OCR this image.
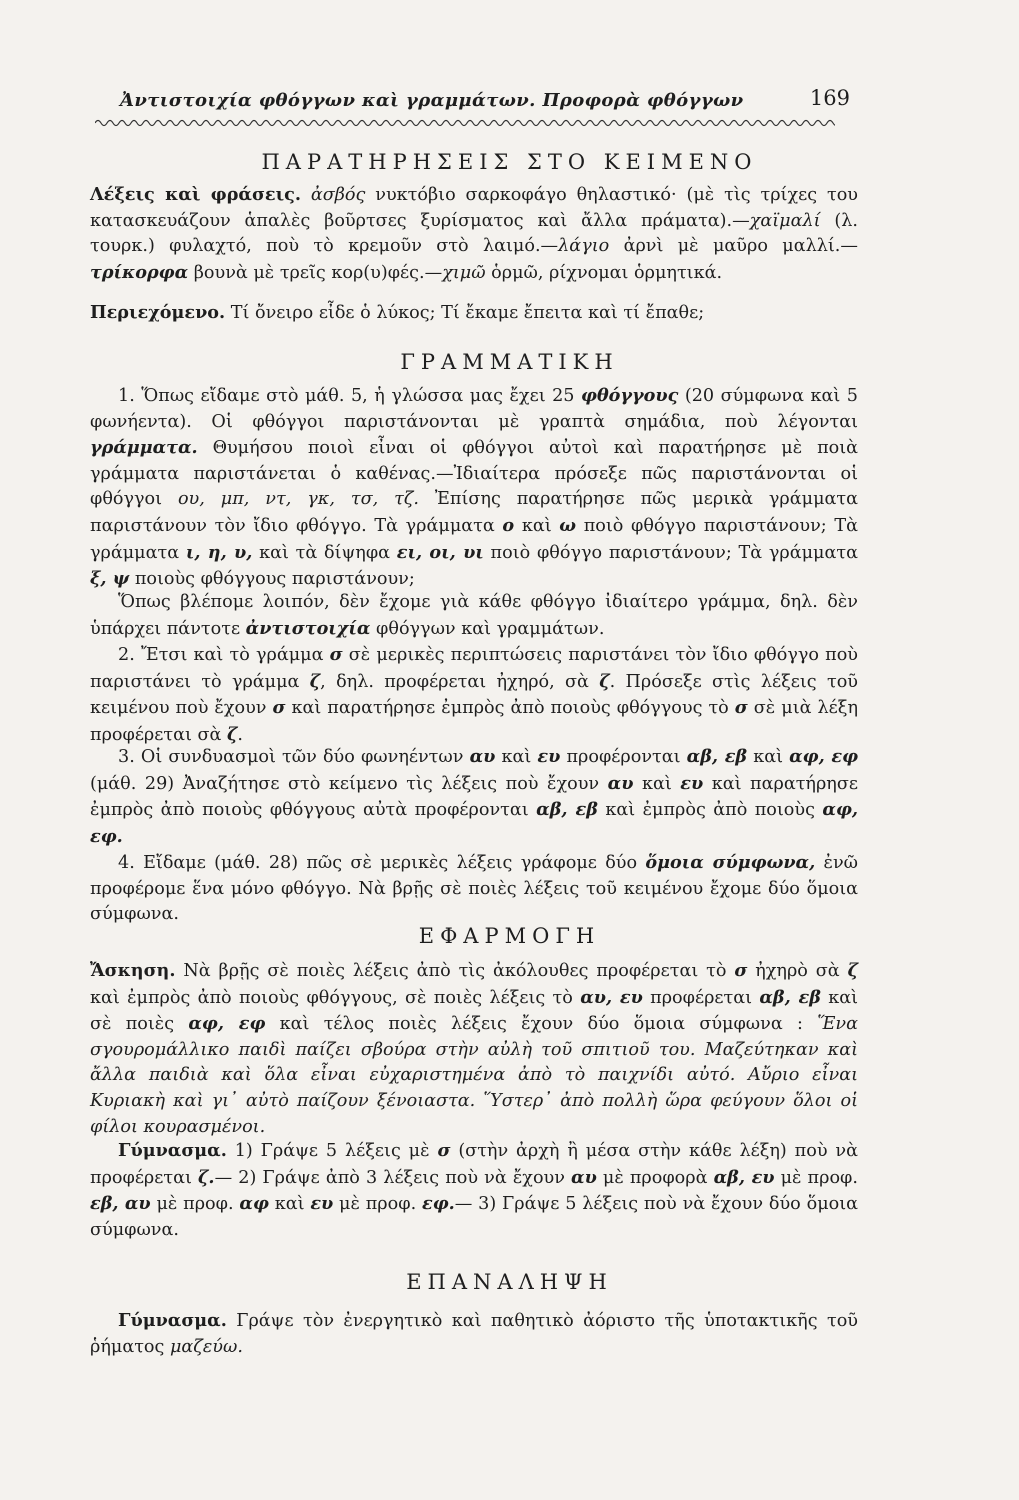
Ἀντιστοιχία φθόγγων καὶ γραμμάτων. Προφορὰ φθόγγων	169
ΠΑΡΑΤΗΡΗΣΕΙΣ ΣΤΟ ΚΕΙΜΕΝΟ
Λέξεις καὶ φράσεις. ἀσβός νυκτόβιο σαρκοφάγο θηλαστικό· (μὲ τὶς τρίχες του κατασκευάζουν ἁπαλὲς βοῦρτσες ξυρίσματος καὶ ἄλλα πράματα).—χαϊμαλί (λ. τουρκ.) φυλαχτό, ποὺ τὸ κρεμοῦν στὸ λαιμό.—λάγιο ἀρνὶ μὲ μαῦρο μαλλί.—τρίκορφα βουνὰ μὲ τρεῖς κορ(υ)φές.—χιμῶ ὁρμῶ, ρίχνομαι ὁρμητικά.
Περιεχόμενο. Τί ὄνειρο εἶδε ὁ λύκος; Τί ἔκαμε ἔπειτα καὶ τί ἔπαθε;
ΓΡΑΜΜΑΤΙΚΗ
1. Ὅπως εἴδαμε στὸ μάθ. 5, ἡ γλώσσα μας ἔχει 25 φθόγγους (20 σύμφωνα καὶ 5 φωνήεντα). Οἱ φθόγγοι παριστάνονται μὲ γραπτὰ σημάδια, ποὺ λέγονται γράμματα. Θυμήσου ποιοὶ εἶναι οἱ φθόγγοι αὐτοὶ καὶ παρατήρησε μὲ ποιὰ γράμματα παριστάνεται ὁ καθένας.—Ἰδιαίτερα πρόσεξε πῶς παριστάνονται οἱ φθόγγοι ου, μπ, ντ, γκ, τσ, τζ. Ἐπίσης παρατήρησε πῶς μερικὰ γράμματα παριστάνουν τὸν ἴδιο φθόγγο. Τὰ γράμματα ο καὶ ω ποιὸ φθόγγο παριστάνουν; Τὰ γράμματα ι, η, υ, καὶ τὰ δίψηφα ει, οι, υι ποιὸ φθόγγο παριστάνουν; Τὰ γράμματα ξ, ψ ποιοὺς φθόγγους παριστάνουν;
Ὅπως βλέπομε λοιπόν, δὲν ἔχομε γιὰ κάθε φθόγγο ἰδιαίτερο γράμμα, δηλ. δὲν ὑπάρχει πάντοτε ἀντιστοιχία φθόγγων καὶ γραμμάτων.
2. Ἔτσι καὶ τὸ γράμμα σ σὲ μερικὲς περιπτώσεις παριστάνει τὸν ἴδιο φθόγγο ποὺ παριστάνει τὸ γράμμα ζ, δηλ. προφέρεται ἠχηρό, σὰ ζ. Πρόσεξε στὶς λέξεις τοῦ κειμένου ποὺ ἔχουν σ καὶ παρατήρησε ἐμπρὸς ἀπὸ ποιοὺς φθόγγους τὸ σ σὲ μιὰ λέξη προφέρεται σὰ ζ.
3. Οἱ συνδυασμοὶ τῶν δύο φωνηέντων αυ καὶ ευ προφέρονται αβ, εβ καὶ αφ, εφ (μάθ. 29) Ἀναζήτησε στὸ κείμενο τὶς λέξεις ποὺ ἔχουν αυ καὶ ευ καὶ παρατήρησε ἐμπρὸς ἀπὸ ποιοὺς φθόγγους αὐτὰ προφέρονται αβ, εβ καὶ ἐμπρὸς ἀπὸ ποιοὺς αφ, εφ.
4. Εἴδαμε (μάθ. 28) πῶς σὲ μερικὲς λέξεις γράφομε δύο ὅμοια σύμφωνα, ἐνῶ προφέρομε ἕνα μόνο φθόγγο. Νὰ βρῇς σὲ ποιὲς λέξεις τοῦ κειμένου ἔχομε δύο ὅμοια σύμφωνα.
ΕΦΑΡΜΟΓΗ
Ἄσκηση. Νὰ βρῇς σὲ ποιὲς λέξεις ἀπὸ τὶς ἀκόλουθες προφέρεται τὸ σ ἠχηρὸ σὰ ζ καὶ ἐμπρὸς ἀπὸ ποιοὺς φθόγγους, σὲ ποιὲς λέξεις τὸ αυ, ευ προφέρεται αβ, εβ καὶ σὲ ποιὲς αφ, εφ καὶ τέλος ποιὲς λέξεις ἔχουν δύο ὅμοια σύμφωνα : Ἕνα σγουρομάλλικο παιδὶ παίζει σβούρα στὴν αὐλὴ τοῦ σπιτιοῦ του. Μαζεύτηκαν καὶ ἄλλα παιδιὰ καὶ ὅλα εἶναι εὐχαριστημένα ἀπὸ τὸ παιχνίδι αὐτό. Αὔριο εἶναι Κυριακὴ καὶ γι᾽ αὐτὸ παίζουν ξένοιαστα. Ὕστερ᾽ ἀπὸ πολλὴ ὥρα φεύγουν ὅλοι οἱ φίλοι κουρασμένοι.
Γύμνασμα. 1) Γράψε 5 λέξεις μὲ σ (στὴν ἀρχὴ ἢ μέσα στὴν κάθε λέξη) ποὺ νὰ προφέρεται ζ.— 2) Γράψε ἀπὸ 3 λέξεις ποὺ νὰ ἔχουν αυ μὲ προφορὰ αβ, ευ μὲ προφ. εβ, αυ μὲ προφ. αφ καὶ ευ μὲ προφ. εφ.— 3) Γράψε 5 λέξεις ποὺ νὰ ἔχουν δύο ὅμοια σύμφωνα.
ΕΠΑΝΑΛΗΨΗ
Γύμνασμα. Γράψε τὸν ἐνεργητικὸ καὶ παθητικὸ ἀόριστο τῆς ὑποτακτικῆς τοῦ ῥήματος μαζεύω.
